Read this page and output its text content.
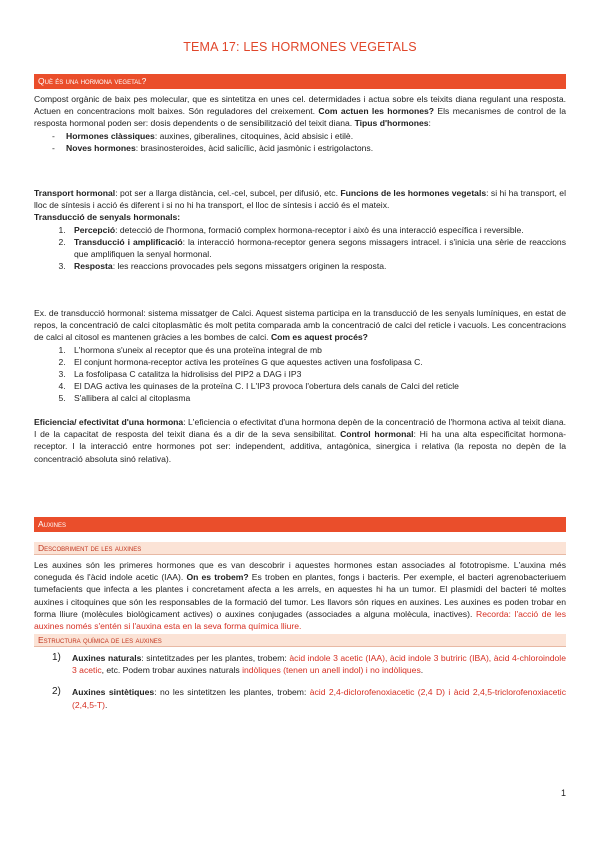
TEMA 17: LES HORMONES VEGETALS
Què és una hormona vegetal?

Compost orgànic de baix pes molecular, que es sintetitza en unes cel. determidades i actua sobre els teixits diana regulant una resposta. Actuen en concentracions molt baixes. Són reguladores del creixement. Com actuen les hormones? Els mecanismes de control de la resposta hormonal poden ser: dosis dependents o de sensibilització del teixit diana. Tipus d'hormones:

- Hormones clàssiques: auxines, giberalines, citoquines, àcid absisic i etilè.
- Noves hormones: brasinosteroides, àcid salicílic, àcid jasmònic i estrigolactons.

Transport hormonal: pot ser a llarga distància, cel.-cel, subcel, per difusió, etc. Funcions de les hormones vegetals: si hi ha transport, el lloc de síntesis i acció és diferent i si no hi ha transport, el lloc de síntesis i acció és el mateix.

Transducció de senyals hormonals:

1. Percepció: detecció de l'hormona, formació complex hormona-receptor i això és una interacció específica i reversible.
2. Transducció i amplificació: la interacció hormona-receptor genera segons missagers intracel. i s'inicia una sèrie de reaccions que amplifiquen la senyal hormonal.
3. Resposta: les reaccions provocades pels segons missatgers originen la resposta.

Ex. de transducció hormonal: sistema missatger de Calci. Aquest sistema participa en la transducció de les senyals lumíniques, en estat de repos, la concentració de calci citoplasmàtic és molt petita comparada amb la concentració de calci del reticle i vacuols. Les concentracions de calci al citosol es mantenen gràcies a les bombes de calci. Com es aquest procés?

1. L'hormona s'uneix al receptor que és una proteïna integral de mb
2. El conjunt hormona-receptor activa les proteïnes G que aquestes activen una fosfolipasa C.
3. La fosfolipasa C catalitza la hidrolisiss del PIP2 a DAG i IP3
4. El DAG activa les quinases de la proteïna C. I L'IP3 provoca l'obertura dels canals de Calci del reticle
5. S'allibera al calci al citoplasma

Eficiencia/ efectivitat d'una hormona: L'eficiencia o efectivitat d'una hormona depèn de la concentració de l'hormona activa al teixit diana. I de la capacitat de resposta del teixit diana és a dir de la seva sensibilitat. Control hormonal: Hi ha una alta especificitat hormona-receptor. I la interacció entre hormones pot ser: independent, additiva, antagònica, sinergica i relativa (la reposta no depèn de la concentració absoluta sinó relativa).

Auxines
Descobriment de les auxines

Les auxines són les primeres hormones que es van descobrir i aquestes hormones estan associades al fototropisme. L'auxina més coneguda és l'àcid indole acetic (IAA). On es trobem? Es troben en plantes, fongs i bacteris. Per exemple, el bacteri agrenobacteriuem tumefacients que infecta a les plantes i concretament afecta a les arrels, en aquestes hi ha un tumor. El plasmidi del bacteri té moltes auxines i citoquines que són les responsables de la formació del tumor. Les llavors són riques en auxines. Les auxines es poden trobar en forma lliure (molècules biològicament actives) o auxines conjugades (associades a alguna molècula, inactives). Recorda: l'acció de les auxines només s'entén si l'auxina esta en la seva forma química lliure.

Estructura química de les auxines
1) Auxines naturals: sintetitzades per les plantes, trobem: àcid indole 3 acetic (IAA), àcid indole 3 butriric (IBA), àcid 4-chloroindole 3 acetic, etc. Podem trobar auxines naturals indòliques (tenen un anell indol) i no indòliques.
2) Auxines sintètiques: no les sintetitzen les plantes, trobem: àcid 2,4-diclorofenoxiacetic (2,4 D) i àcid 2,4,5-triclorofenoxiacetic (2,4,5-T).
1
